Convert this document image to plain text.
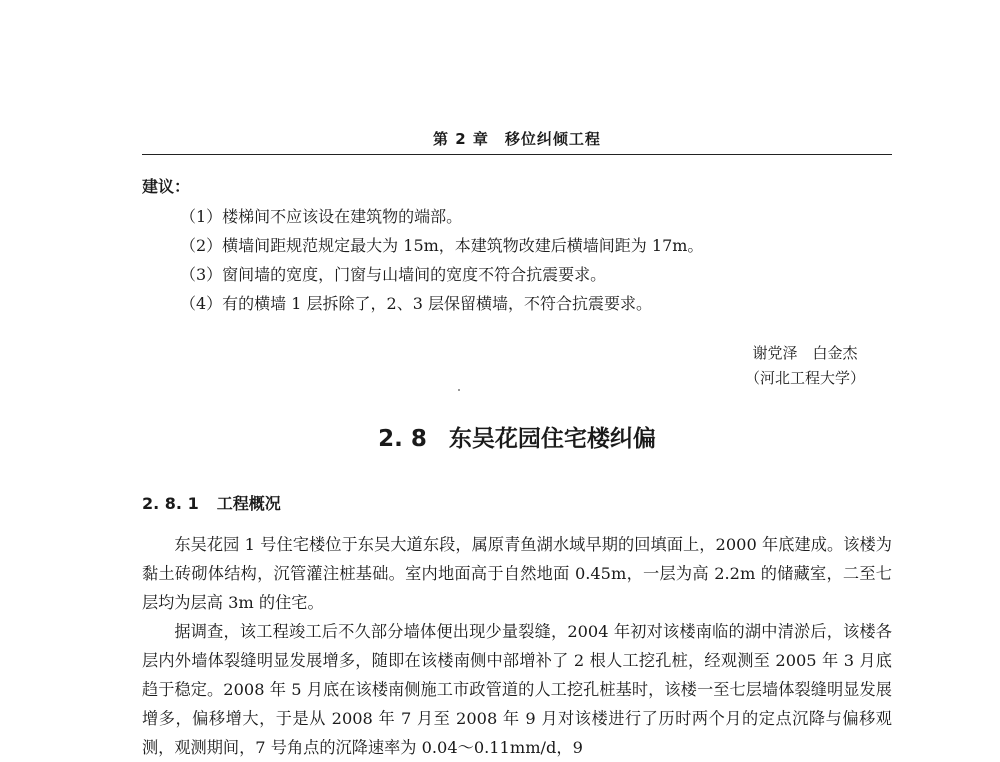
第 2 章　移位纠倾工程
建议：
（1）楼梯间不应该设在建筑物的端部。
（2）横墙间距规范规定最大为 15m，本建筑物改建后横墙间距为 17m。
（3）窗间墙的宽度，门窗与山墙间的宽度不符合抗震要求。
（4）有的横墙 1 层拆除了，2、3 层保留横墙，不符合抗震要求。
谢党泽　白金杰
（河北工程大学）
2. 8 东吴花园住宅楼纠偏
2. 8. 1 工程概况

东吴花园 1 号住宅楼位于东吴大道东段，属原青鱼湖水域早期的回填面上，2000 年底建成。该楼为黏土砖砌体结构，沉管灌注桩基础。室内地面高于自然地面 0.45m，一层为高 2.2m 的储藏室，二至七层均为层高 3m 的住宅。

据调查，该工程竣工后不久部分墙体便出现少量裂缝，2004 年初对该楼南临的湖中清淤后，该楼各层内外墙体裂缝明显发展增多，随即在该楼南侧中部增补了 2 根人工挖孔桩，经观测至 2005 年 3 月底趋于稳定。2008 年 5 月底在该楼南侧施工市政管道的人工挖孔桩基时，该楼一至七层墙体裂缝明显发展增多，偏移增大，于是从 2008 年 7 月至 2008 年 9 月对该楼进行了历时两个月的定点沉降与偏移观测，观测期间，7 号角点的沉降速率为 0.04～0.11mm/d，9
